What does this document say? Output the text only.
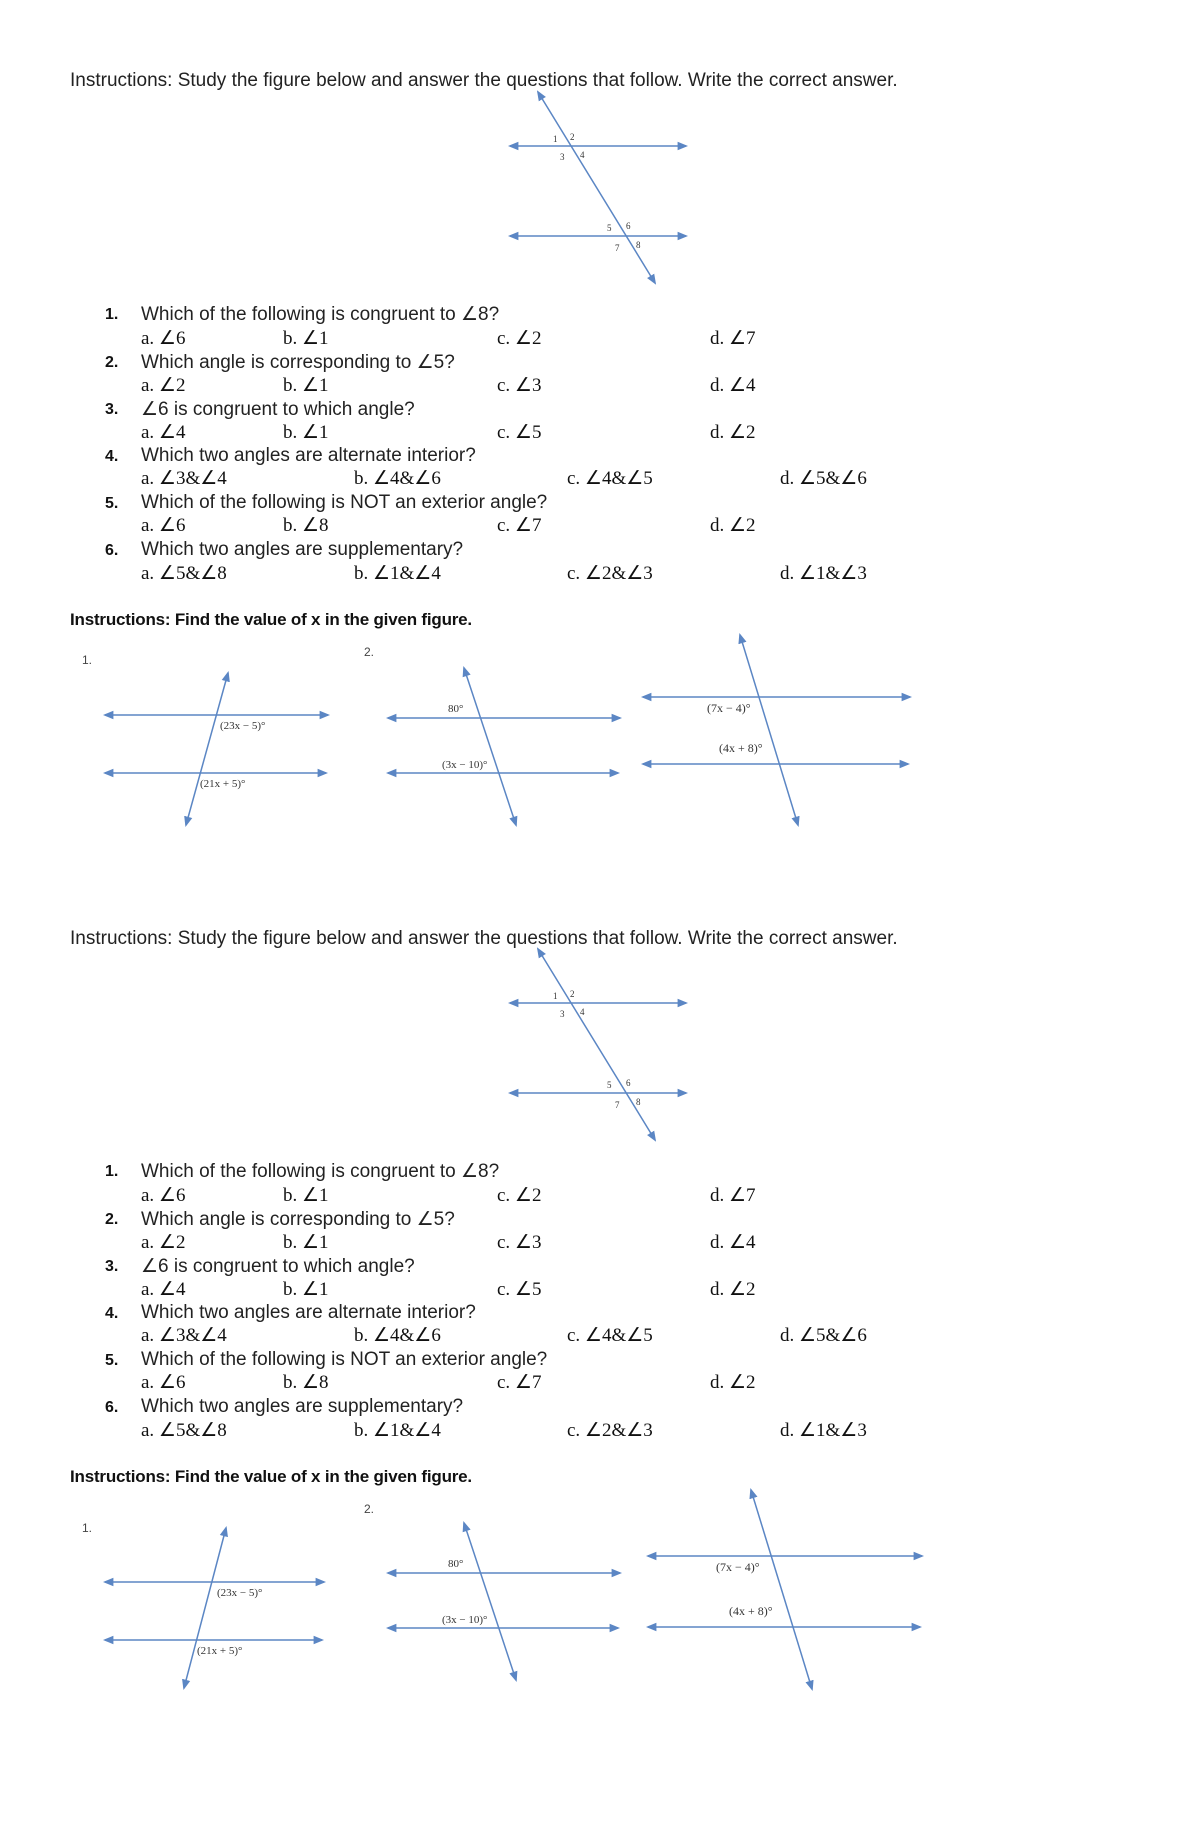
Instructions: Study the figure below and answer the questions that follow. Write the correct answer.
1 2
3 4
5 6
7 8
1. Which of the following is congruent to ∠8?
a. ∠6	b. ∠1	c. ∠2	d. ∠7
2. Which angle is corresponding to ∠5?
a. ∠2	b. ∠1	c. ∠3	d. ∠4
3. ∠6 is congruent to which angle?
a. ∠4	b. ∠1	c. ∠5	d. ∠2
4. Which two angles are alternate interior?
a. ∠3&∠4	b. ∠4&∠6	c. ∠4&∠5	d. ∠5&∠6
5. Which of the following is NOT an exterior angle?
a. ∠6	b. ∠8	c. ∠7	d. ∠2
6. Which two angles are supplementary?
a. ∠5&∠8	b. ∠1&∠4	c. ∠2&∠3	d. ∠1&∠3
Instructions: Find the value of x in the given figure.
1.
2.
(23x − 5)°
(21x + 5)°
80°
(3x − 10)°
(7x − 4)°
(4x + 8)°
Instructions: Study the figure below and answer the questions that follow. Write the correct answer.
1 2
3 4
5 6
7 8
1. Which of the following is congruent to ∠8?
a. ∠6	b. ∠1	c. ∠2	d. ∠7
2. Which angle is corresponding to ∠5?
a. ∠2	b. ∠1	c. ∠3	d. ∠4
3. ∠6 is congruent to which angle?
a. ∠4	b. ∠1	c. ∠5	d. ∠2
4. Which two angles are alternate interior?
a. ∠3&∠4	b. ∠4&∠6	c. ∠4&∠5	d. ∠5&∠6
5. Which of the following is NOT an exterior angle?
a. ∠6	b. ∠8	c. ∠7	d. ∠2
6. Which two angles are supplementary?
a. ∠5&∠8	b. ∠1&∠4	c. ∠2&∠3	d. ∠1&∠3
Instructions: Find the value of x in the given figure.
1.
2.
(23x − 5)°
(21x + 5)°
80°
(3x − 10)°
(7x − 4)°
(4x + 8)°
